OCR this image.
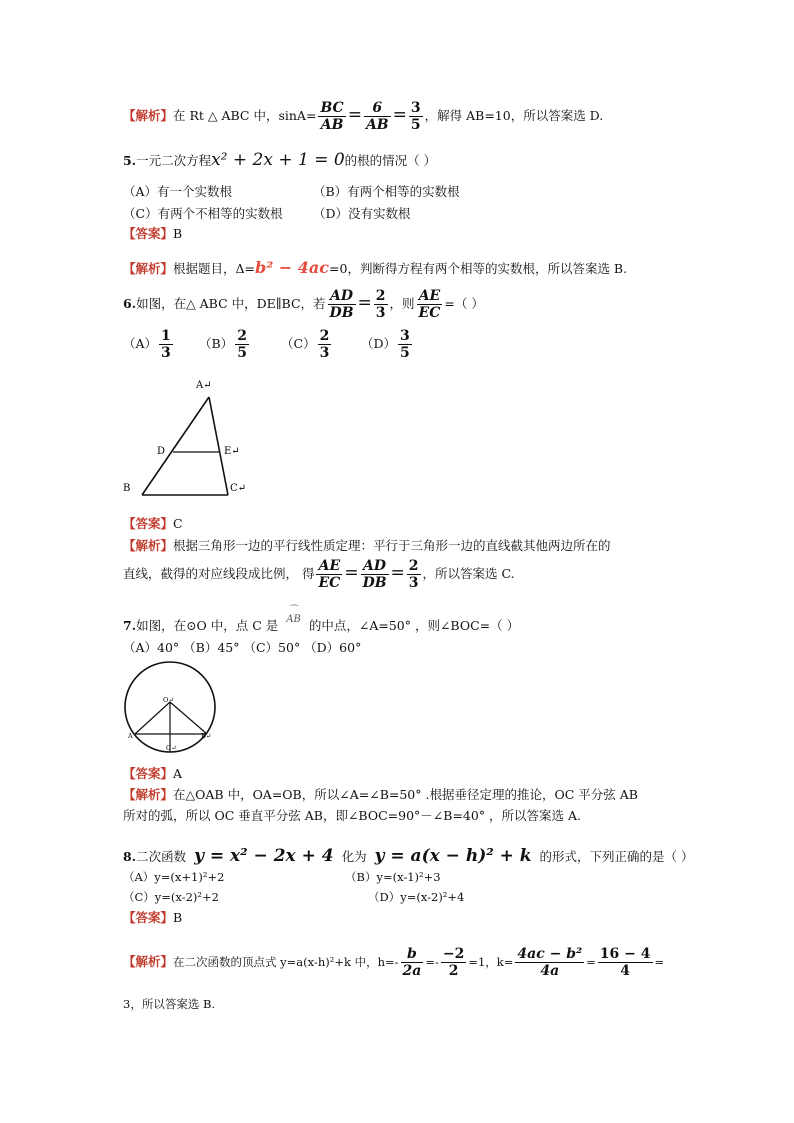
【解析】在 Rt △ ABC 中，$\sin A= \frac{BC}{AB} = \frac{6}{AB} = \frac{3}{5}$ ，解得 AB=10，所以答案选 D.
5.一元二次方程x² + 2x + 1 = 0的根的情况（ ）
（A）有一个实数根	（B）有两个相等的实数根
（C）有两个不相等的实数根 （D）没有实数根
【答案】B
【解析】根据题目，Δ=b² − 4ac=0，判断得方程有两个相等的实数根，所以答案选 B.
6.如图，在△ ABC 中，DE∥BC，若 $\frac{AD}{DB} = \frac{2}{3}$ ，则 $\frac{AE}{EC}$ =（ ）
$(A) \frac{1}{3} (B) \frac{2}{5}$	$(C) \frac{2}{3} (D) \frac{3}{5}$
A↵
D	E↵
B	C↵
【答案】C
【解析】根据三角形一边的平行线性质定理：平行于三角形一边的直线截其他两边所在的
直线，截得的对应线段成比例， 得 $\frac{AE}{EC} = \frac{AD}{DB} = \frac{2}{3}$ ，所以答案选 C.
7.如图，在⊙O 中，点 C 是
⌒
AB 的中点，∠A=50° ，则∠BOC=（ ）
（A）40° （B）45° （C）50° （D）60°
O↵
A	B↵
C↵
【答案】A
【解析】在△OAB 中，OA=OB，所以∠A=∠B=50° .根据垂径定理的推论，OC 平分弦 AB
所对的弧，所以 OC 垂直平分弦 AB，即∠BOC=90°－∠B=40° ，所以答案选 A.
8.二次函数 y = x² − 2x + 4 化为 y = a(x − h)² + k 的形式，下列正确的是（ ）
（A）y=(x+1)²+2	（B）y=(x-1)²+3
（C）y=(x-2)²+2	（D）y=(x-2)²+4
【答案】B
【解析】在二次函数的顶点式 y=a(x-h)²+k 中，$h=- \frac{b}{2a} =- \frac{-2}{2} =1$，$k= \frac{\text{4ac − b²}}{4a} = \frac{16 - 4}{4}$ =
3，所以答案选 B.
